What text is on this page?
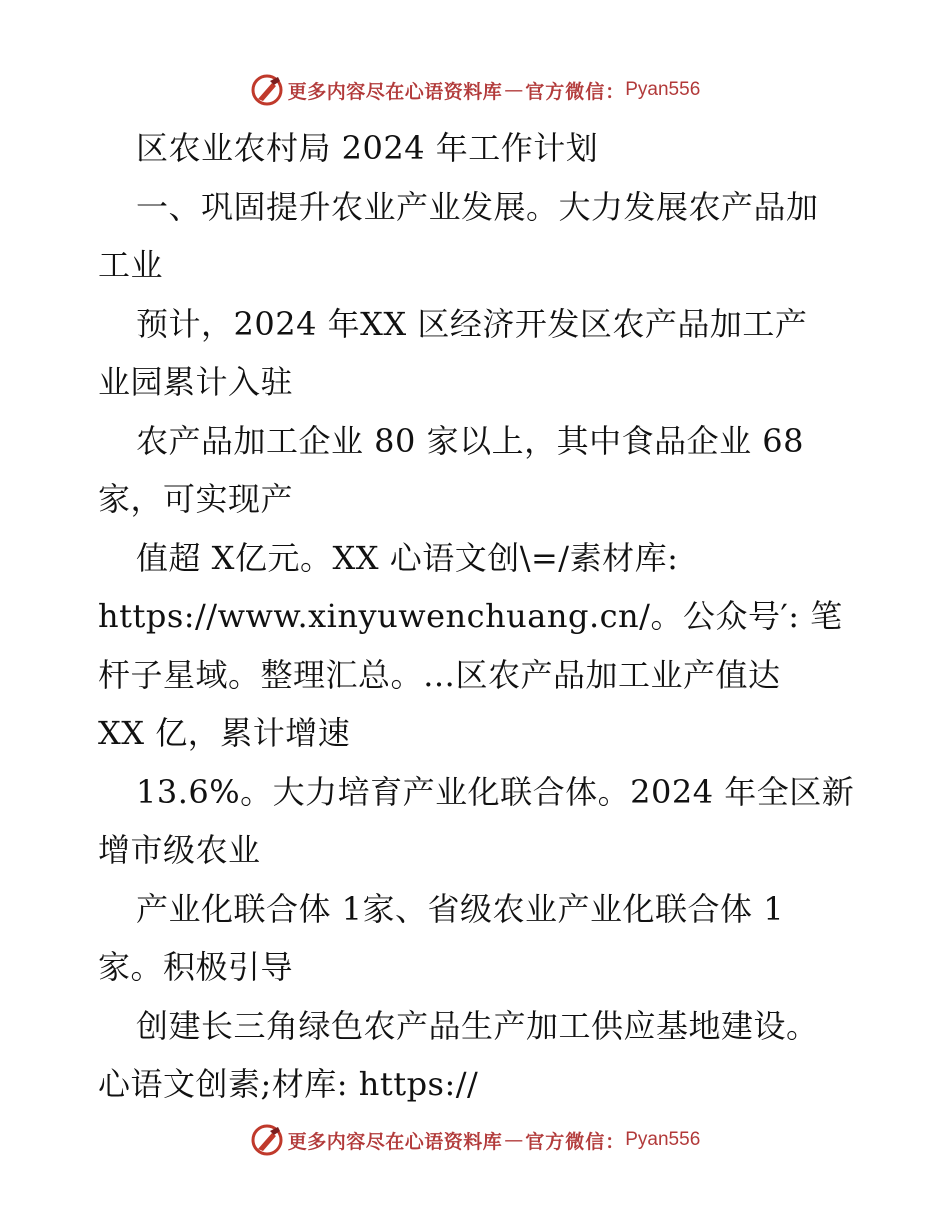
更多内容尽在心语资料库 — 官方微信： Pyan556
区农业农村局 2024 年工作计划
一、巩固提升农业产业发展。大力发展农产品加
工业
预计，2024 年XX 区经济开发区农产品加工产
业园累计入驻
农产品加工企业 80 家以上，其中食品企业 68
家，可实现产
值超 X亿元。XX 心语文创\=/素材库:
https://www.xinyuwenchuang.cn/。公众号′: 笔
杆子星域。整理汇总。…区农产品加工业产值达
XX 亿，累计增速
13.6%。大力培育产业化联合体。2024 年全区新
增市级农业
产业化联合体 1家、省级农业产业化联合体 1
家。积极引导
创建长三角绿色农产品生产加工供应基地建设。
心语文创素;材库: https://
更多内容尽在心语资料库 — 官方微信： Pyan556
